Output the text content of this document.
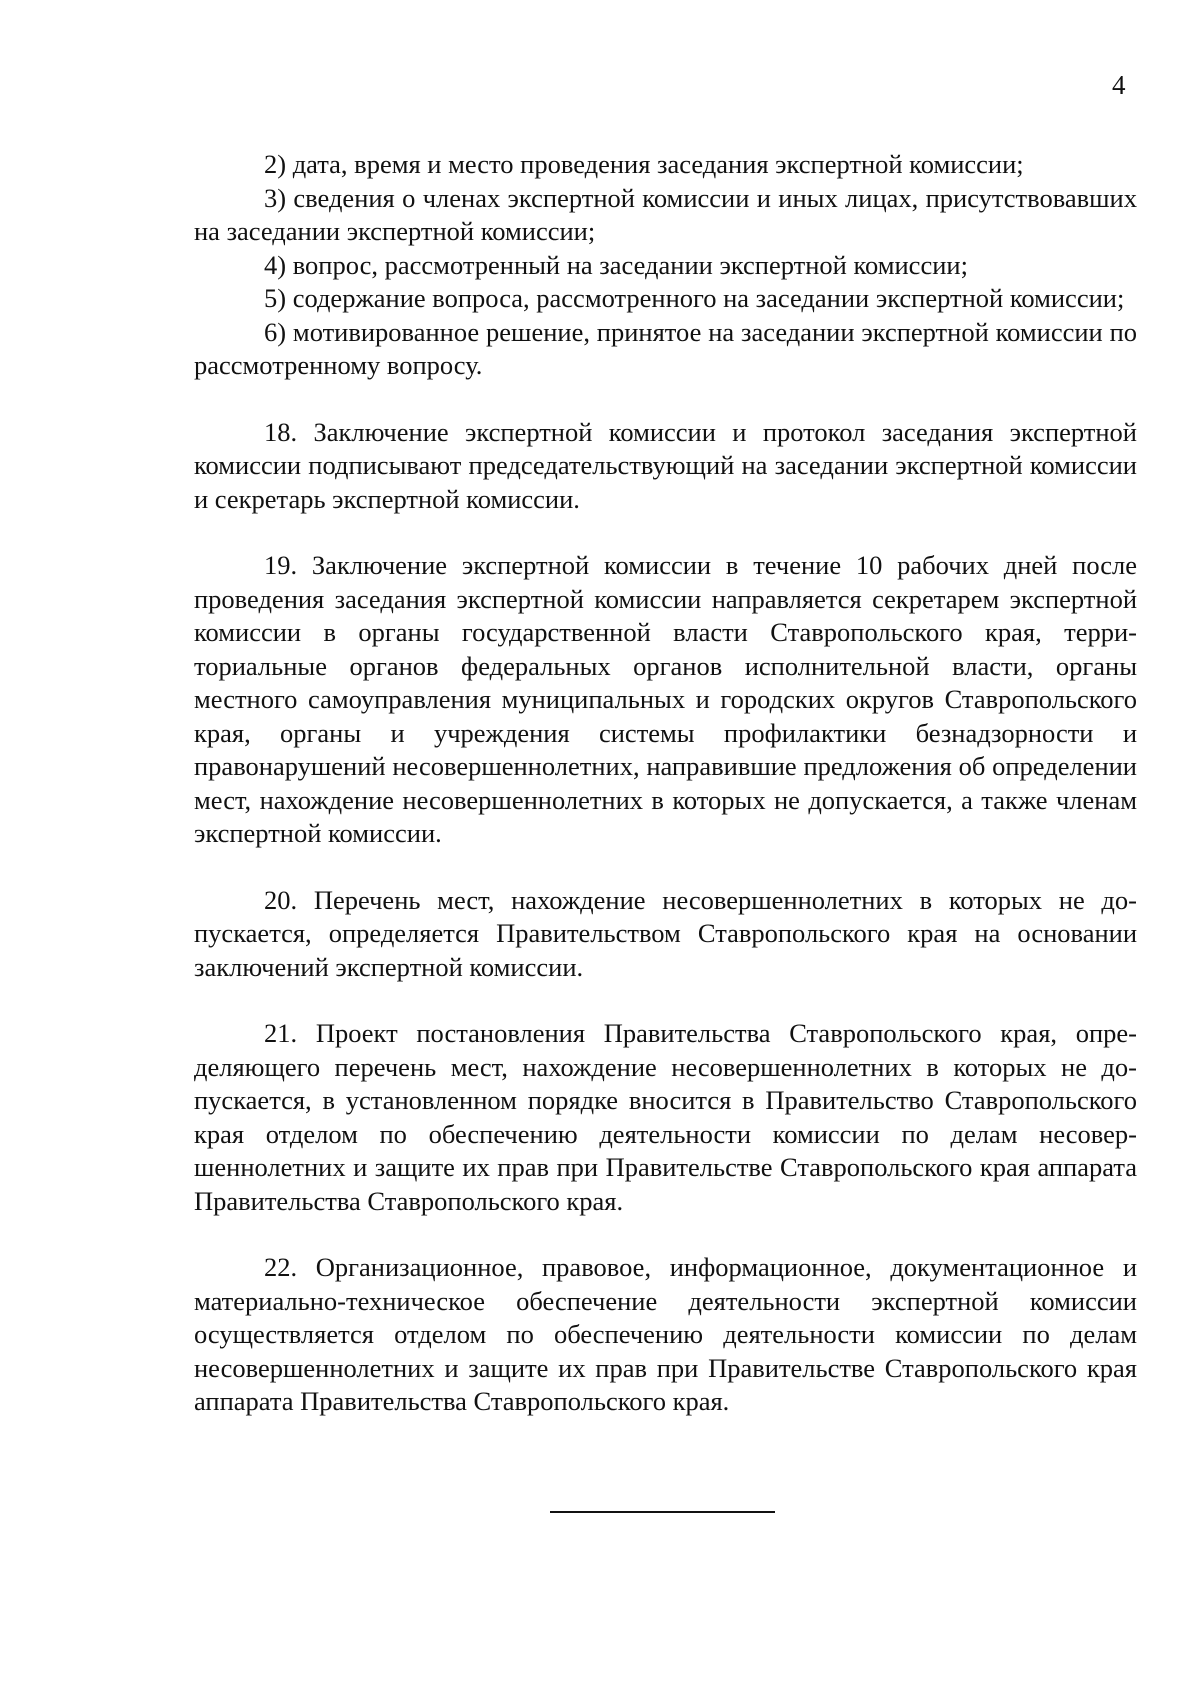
4

2) дата, время и место проведения заседания экспертной комиссии;

3) сведения о членах экспертной комиссии и иных лицах, присутствовавших на заседании экспертной комиссии;

4) вопрос, рассмотренный на заседании экспертной комиссии;

5) содержание вопроса, рассмотренного на заседании экспертной комиссии;

6) мотивированное решение, принятое на заседании экспертной комиссии по рассмотренному вопросу.

18. Заключение экспертной комиссии и протокол заседания экспертной комиссии подписывают председательствующий на заседании экспертной комиссии и секретарь экспертной комиссии.

19. Заключение экспертной комиссии в течение 10 рабочих дней после проведения заседания экспертной комиссии направляется секретарем экспертной комиссии в органы государственной власти Ставропольского края, территориальные органов федеральных органов исполнительной власти, органы местного самоуправления муниципальных и городских округов Ставропольского края, органы и учреждения системы профилактики безнадзорности и правонарушений несовершеннолетних, направившие предложения об определении мест, нахождение несовершеннолетних в которых не допускается, а также членам экспертной комиссии.

20. Перечень мест, нахождение несовершеннолетних в которых не допускается, определяется Правительством Ставропольского края на основании заключений экспертной комиссии.

21. Проект постановления Правительства Ставропольского края, определяющего перечень мест, нахождение несовершеннолетних в которых не допускается, в установленном порядке вносится в Правительство Ставропольского края отделом по обеспечению деятельности комиссии по делам несовершеннолетних и защите их прав при Правительстве Ставропольского края аппарата Правительства Ставропольского края.

22. Организационное, правовое, информационное, документационное и материально-техническое обеспечение деятельности экспертной комиссии осуществляется отделом по обеспечению деятельности комиссии по делам несовершеннолетних и защите их прав при Правительстве Ставропольского края аппарата Правительства Ставропольского края.
